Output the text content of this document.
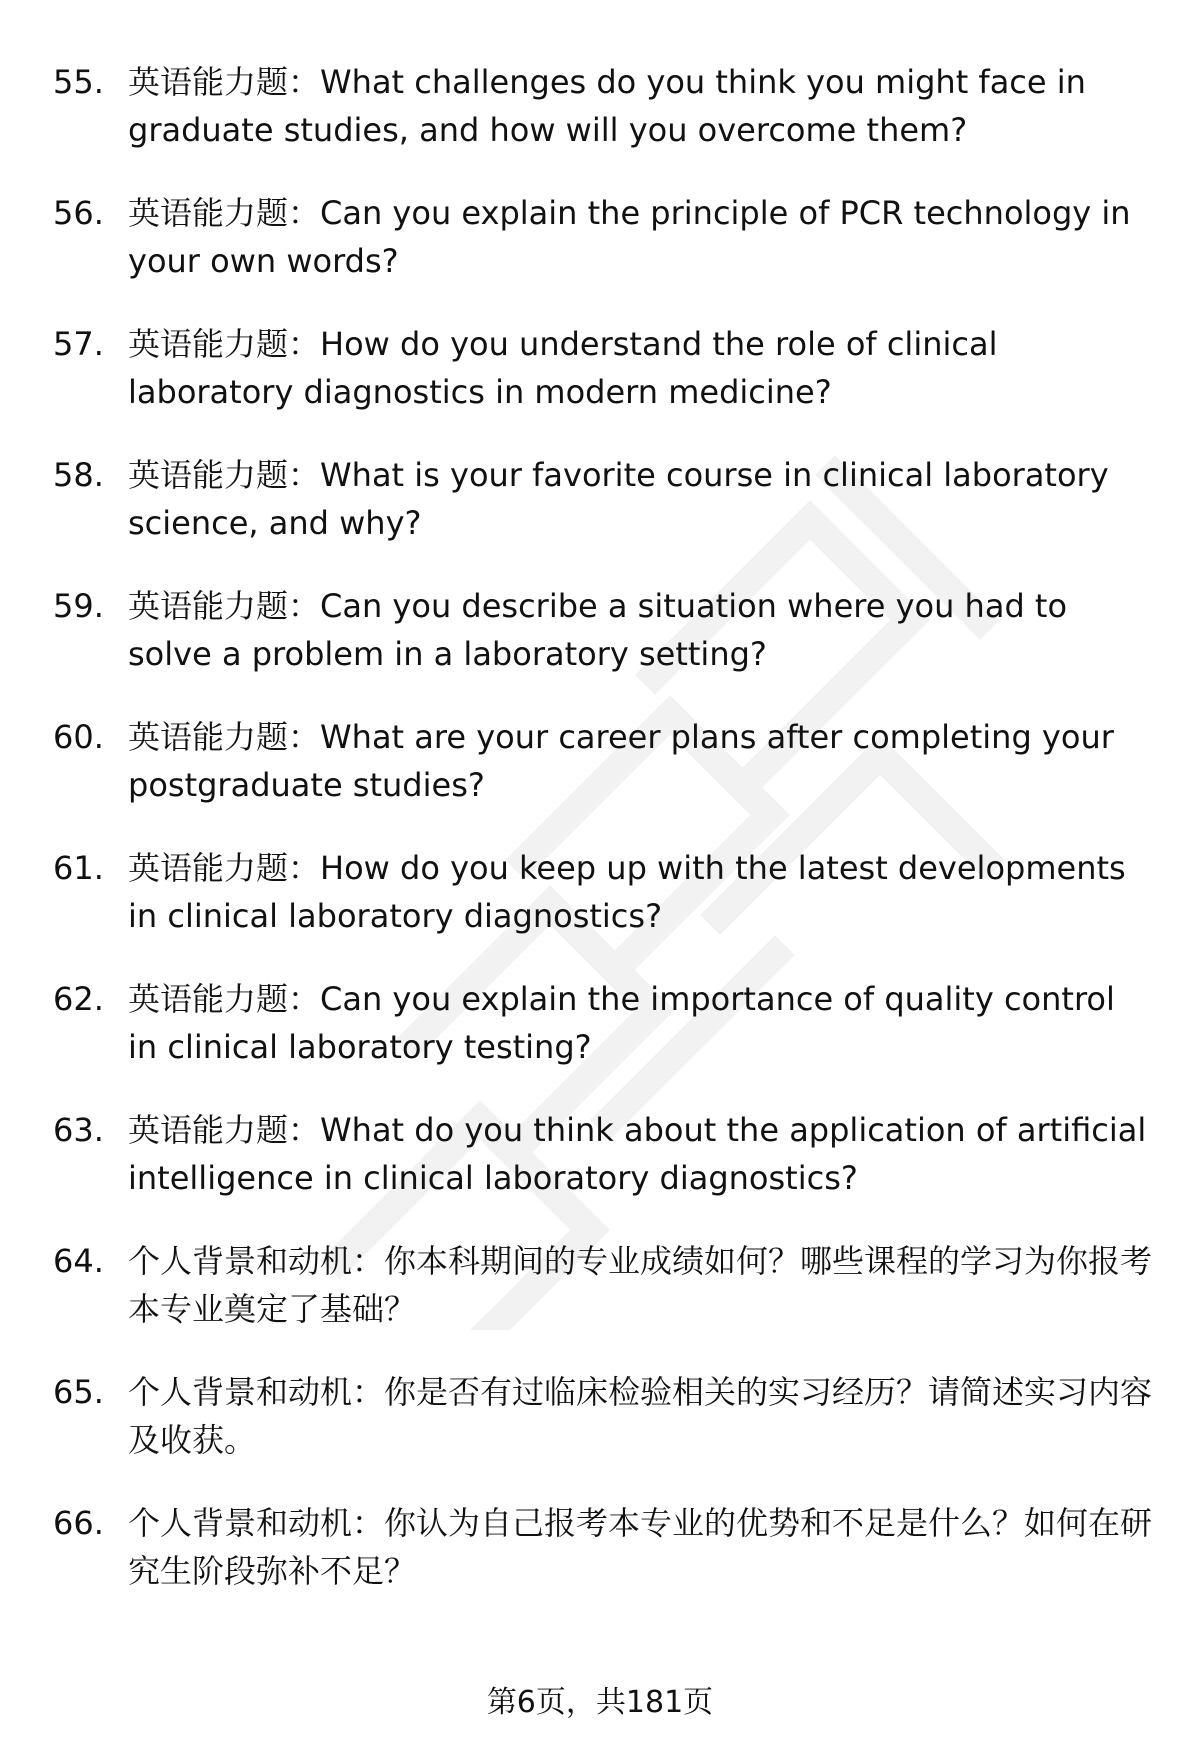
55. 英语能力题：What challenges do you think you might face in graduate studies, and how will you overcome them?
56. 英语能力题：Can you explain the principle of PCR technology in your own words?
57. 英语能力题：How do you understand the role of clinical laboratory diagnostics in modern medicine?
58. 英语能力题：What is your favorite course in clinical laboratory science, and why?
59. 英语能力题：Can you describe a situation where you had to solve a problem in a laboratory setting?
60. 英语能力题：What are your career plans after completing your postgraduate studies?
61. 英语能力题：How do you keep up with the latest developments in clinical laboratory diagnostics?
62. 英语能力题：Can you explain the importance of quality control in clinical laboratory testing?
63. 英语能力题：What do you think about the application of artificial intelligence in clinical laboratory diagnostics?
64. 个人背景和动机：你本科期间的专业成绩如何？哪些课程的学习为你报考本专业奠定了基础？
65. 个人背景和动机：你是否有过临床检验相关的实习经历？请简述实习内容及收获。
66. 个人背景和动机：你认为自己报考本专业的优势和不足是什么？如何在研究生阶段弥补不足？
第6页，共181页
